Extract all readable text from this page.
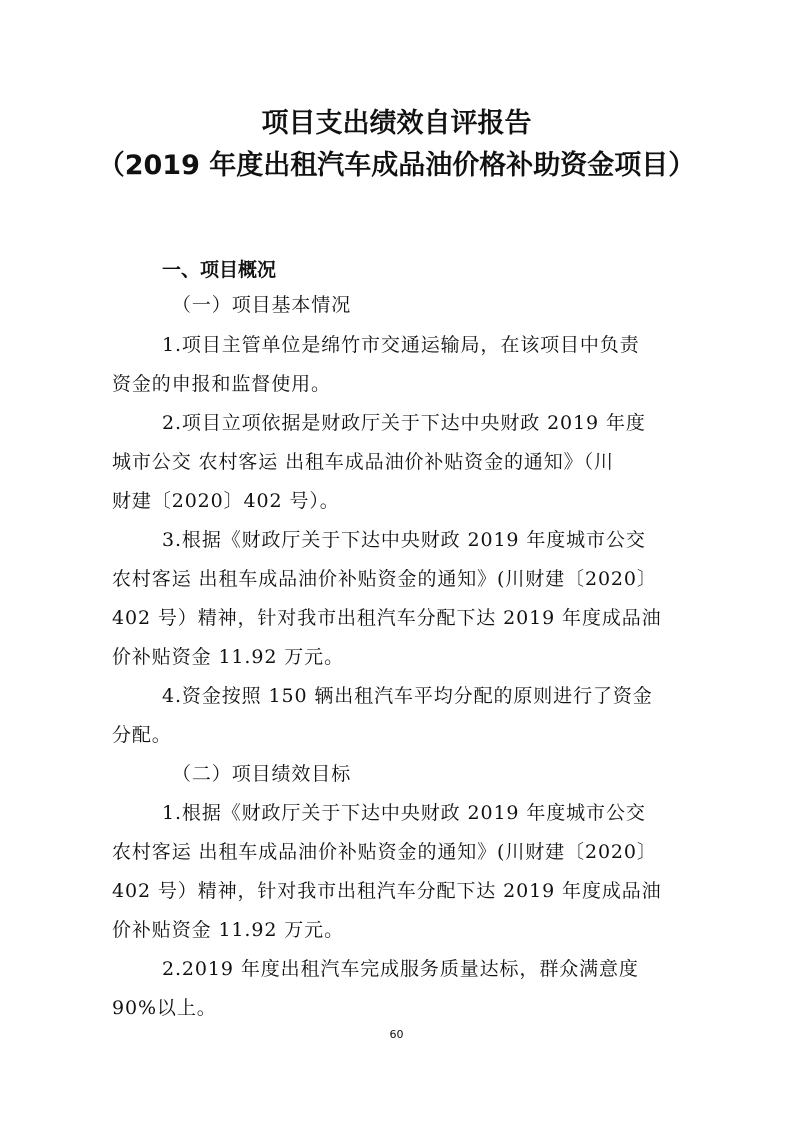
项目支出绩效自评报告
（2019 年度出租汽车成品油价格补助资金项目）
一、项目概况
（一）项目基本情况
1.项目主管单位是绵竹市交通运输局，在该项目中负责
资金的申报和监督使用。
2.项目立项依据是财政厅关于下达中央财政 2019 年度
城市公交 农村客运 出租车成品油价补贴资金的通知》（川
财建〔2020〕402 号）。
3.根据《财政厅关于下达中央财政 2019 年度城市公交
农村客运 出租车成品油价补贴资金的通知》(川财建〔2020〕
402 号）精神，针对我市出租汽车分配下达 2019 年度成品油
价补贴资金 11.92 万元。
4.资金按照 150 辆出租汽车平均分配的原则进行了资金
分配。
（二）项目绩效目标
1.根据《财政厅关于下达中央财政 2019 年度城市公交
农村客运 出租车成品油价补贴资金的通知》(川财建〔2020〕
402 号）精神，针对我市出租汽车分配下达 2019 年度成品油
价补贴资金 11.92 万元。
2.2019 年度出租汽车完成服务质量达标，群众满意度
90%以上。
60
